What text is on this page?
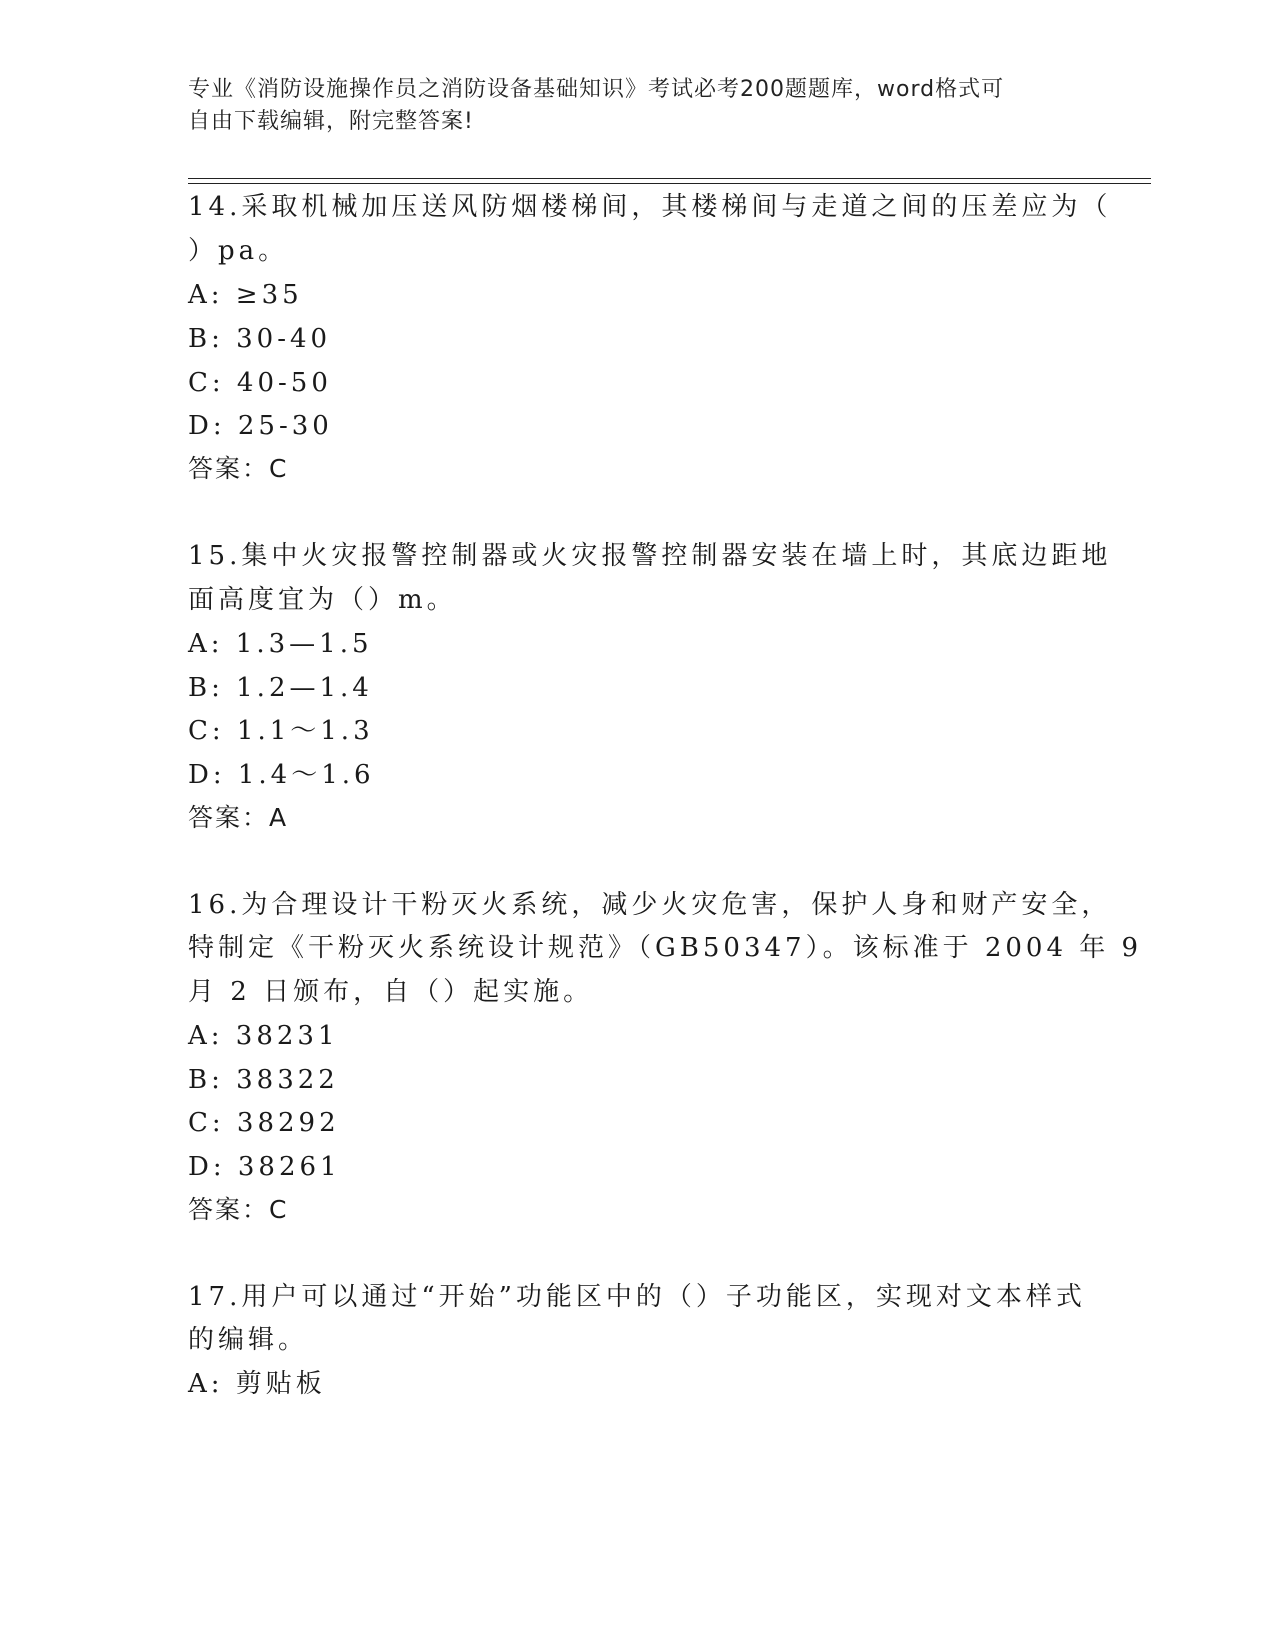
专业《消防设施操作员之消防设备基础知识》考试必考200题题库，word格式可
自由下载编辑，附完整答案!
14.采取机械加压送风防烟楼梯间，其楼梯间与走道之间的压差应为（
）pa。
A: ≥35
B: 30-40
C: 40-50
D: 25-30
答案：C
15.集中火灾报警控制器或火灾报警控制器安装在墙上时，其底边距地
面高度宜为（）m。
A: 1.3—1.5
B: 1.2—1.4
C: 1.1～1.3
D: 1.4～1.6
答案：A
16.为合理设计干粉灭火系统，减少火灾危害，保护人身和财产安全，
特制定《干粉灭火系统设计规范》（GB50347）。该标准于 2004 年 9
月 2 日颁布，自（）起实施。
A: 38231
B: 38322
C: 38292
D: 38261
答案：C
17.用户可以通过“开始”功能区中的（）子功能区，实现对文本样式
的编辑。
A: 剪贴板
